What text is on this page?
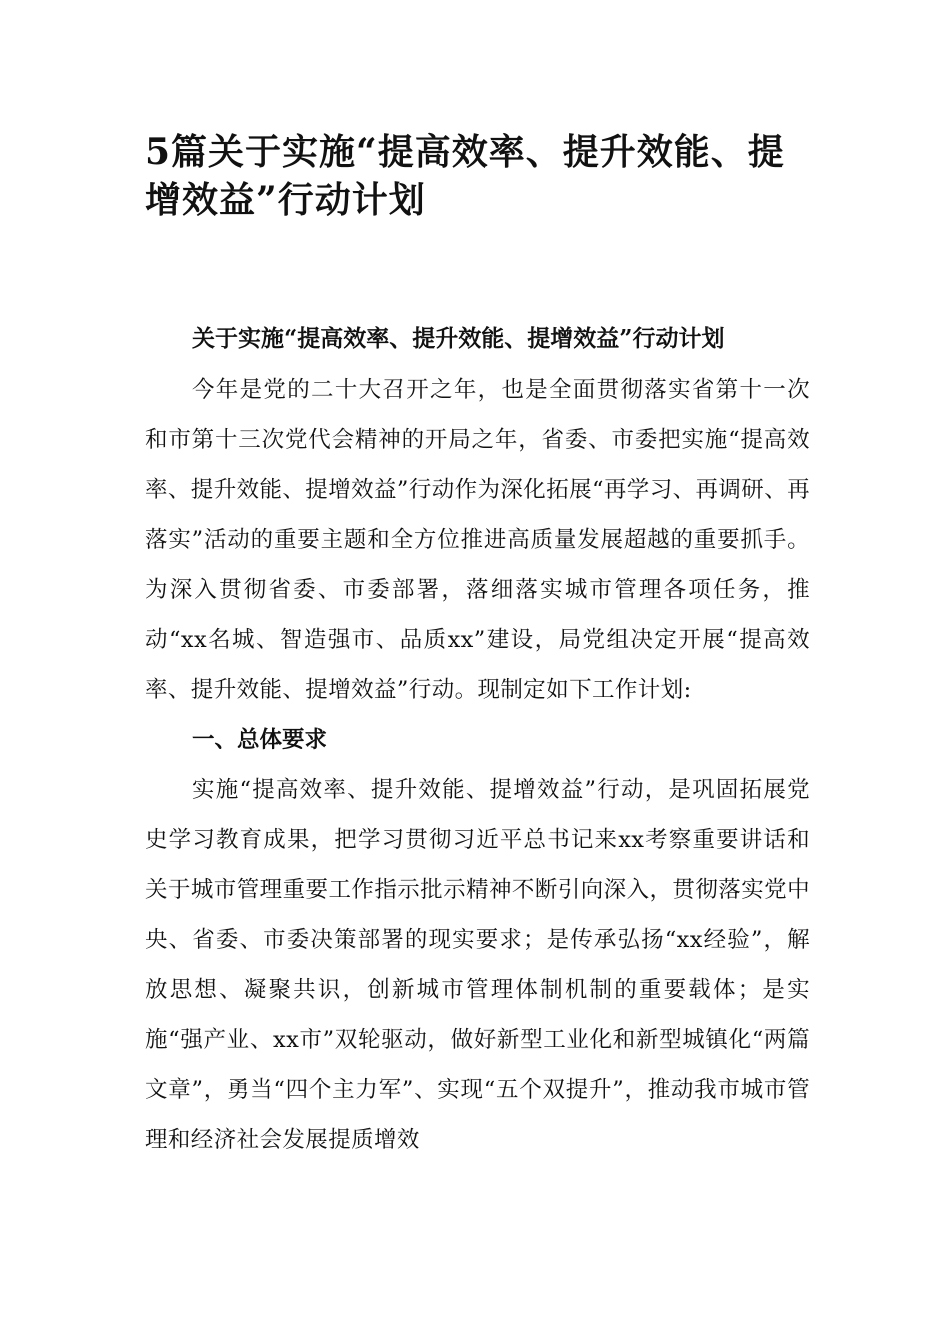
5篇关于实施“提高效率、提升效能、提增效益”行动计划

关于实施“提高效率、提升效能、提增效益”行动计划

今年是党的二十大召开之年，也是全面贯彻落实省第十一次和市第十三次党代会精神的开局之年，省委、市委把实施“提高效率、提升效能、提增效益”行动作为深化拓展“再学习、再调研、再落实”活动的重要主题和全方位推进高质量发展超越的重要抓手。为深入贯彻省委、市委部署，落细落实城市管理各项任务，推动“xx名城、智造强市、品质xx”建设，局党组决定开展“提高效率、提升效能、提增效益”行动。现制定如下工作计划:

一、总体要求

实施“提高效率、提升效能、提增效益”行动，是巩固拓展党史学习教育成果，把学习贯彻习近平总书记来xx考察重要讲话和关于城市管理重要工作指示批示精神不断引向深入，贯彻落实党中央、省委、市委决策部署的现实要求；是传承弘扬“xx经验”，解放思想、凝聚共识，创新城市管理体制机制的重要载体；是实施“强产业、xx市”双轮驱动，做好新型工业化和新型城镇化“两篇文章”，勇当“四个主力军”、实现“五个双提升”，推动我市城市管理和经济社会发展提质增效
